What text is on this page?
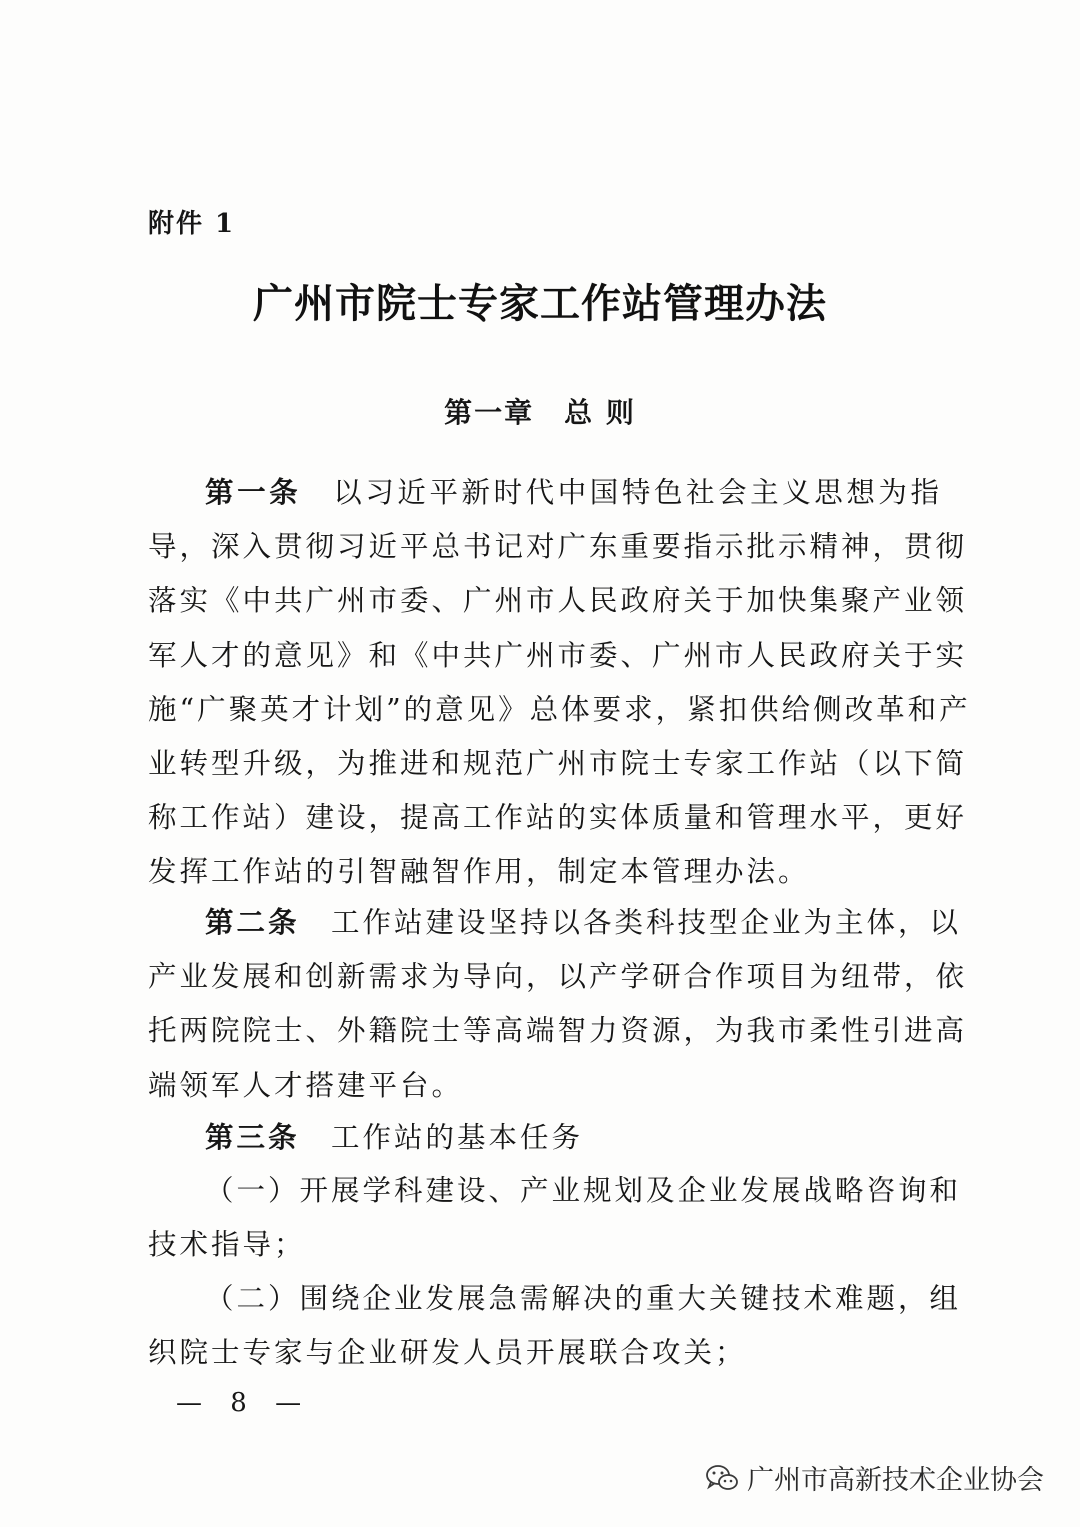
附件 1
广州市院士专家工作站管理办法
第一章　总 则
第一条　以习近平新时代中国特色社会主义思想为指
导，深入贯彻习近平总书记对广东重要指示批示精神，贯彻
落实《中共广州市委、广州市人民政府关于加快集聚产业领
军人才的意见》和《中共广州市委、广州市人民政府关于实
施“广聚英才计划”的意见》总体要求，紧扣供给侧改革和产
业转型升级，为推进和规范广州市院士专家工作站（以下简
称工作站）建设，提高工作站的实体质量和管理水平，更好
发挥工作站的引智融智作用，制定本管理办法。
第二条　工作站建设坚持以各类科技型企业为主体，以
产业发展和创新需求为导向，以产学研合作项目为纽带，依
托两院院士、外籍院士等高端智力资源，为我市柔性引进高
端领军人才搭建平台。
第三条　工作站的基本任务
（一）开展学科建设、产业规划及企业发展战略咨询和
技术指导；
（二）围绕企业发展急需解决的重大关键技术难题，组
织院士专家与企业研发人员开展联合攻关；
— 8 —
广州市高新技术企业协会
